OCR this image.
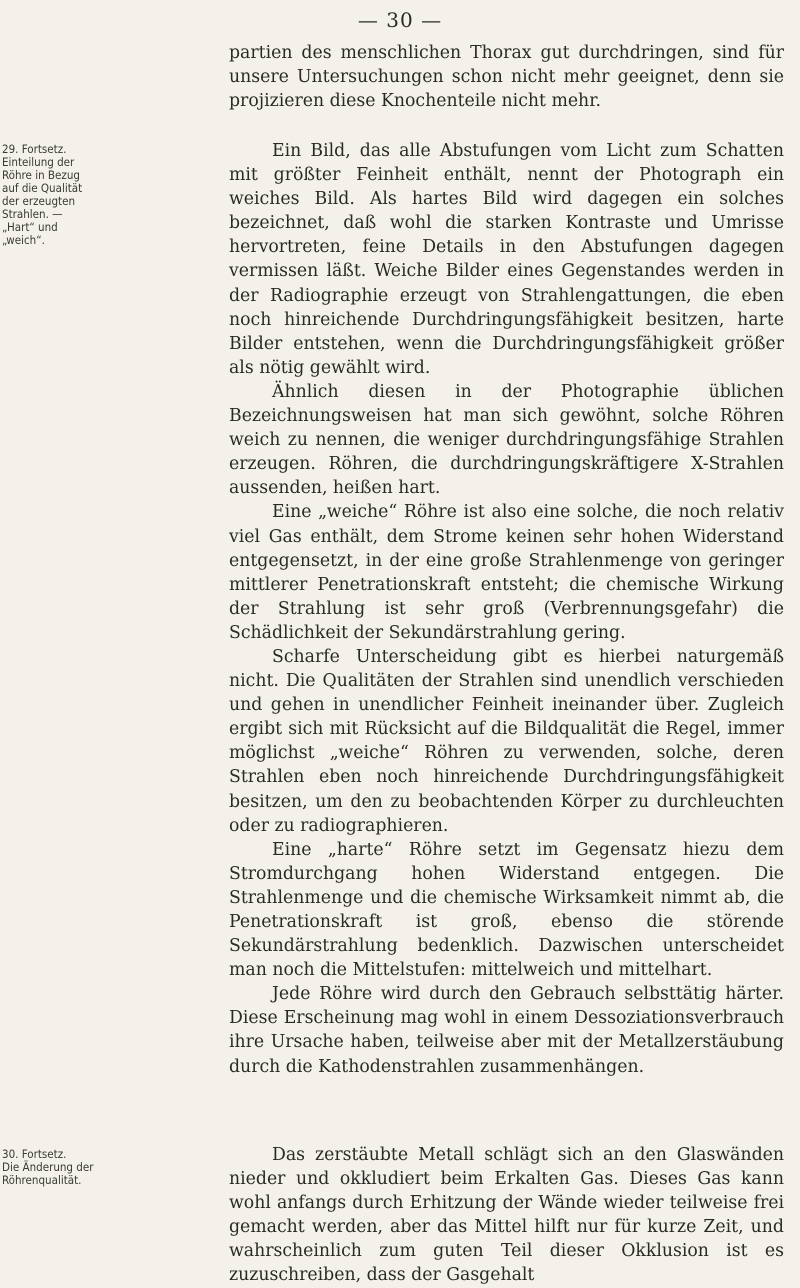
— 30 —

partien des menschlichen Thorax gut durchdringen, sind für unsere Untersuchungen schon nicht mehr geeignet, denn sie projizieren diese Knochenteile nicht mehr.

29. Fortsetz.
Einteilung der Röhre in Bezug auf die Qualität der erzeugten Strahlen. — „Hart“ und „weich“.

Ein Bild, das alle Abstufungen vom Licht zum Schatten mit größter Feinheit enthält, nennt der Photograph ein weiches Bild. Als hartes Bild wird dagegen ein solches bezeichnet, daß wohl die starken Kontraste und Umrisse hervortreten, feine Details in den Abstufungen dagegen vermissen läßt. Weiche Bilder eines Gegenstandes werden in der Radiographie erzeugt von Strahlengattungen, die eben noch hinreichende Durchdringungsfähigkeit besitzen, harte Bilder entstehen, wenn die Durchdringungsfähigkeit größer als nötig gewählt wird.

Ähnlich diesen in der Photographie üblichen Bezeichnungsweisen hat man sich gewöhnt, solche Röhren weich zu nennen, die weniger durchdringungsfähige Strahlen erzeugen. Röhren, die durchdringungskräftigere X-Strahlen aussenden, heißen hart.

Eine „weiche“ Röhre ist also eine solche, die noch relativ viel Gas enthält, dem Strome keinen sehr hohen Widerstand entgegensetzt, in der eine große Strahlenmenge von geringer mittlerer Penetrationskraft entsteht; die chemische Wirkung der Strahlung ist sehr groß (Verbrennungsgefahr) die Schädlichkeit der Sekundärstrahlung gering.

Scharfe Unterscheidung gibt es hierbei naturgemäß nicht. Die Qualitäten der Strahlen sind unendlich verschieden und gehen in unendlicher Feinheit ineinander über. Zugleich ergibt sich mit Rücksicht auf die Bildqualität die Regel, immer möglichst „weiche“ Röhren zu verwenden, solche, deren Strahlen eben noch hinreichende Durchdringungsfähigkeit besitzen, um den zu beobachtenden Körper zu durchleuchten oder zu radiographieren.

Eine „harte“ Röhre setzt im Gegensatz hiezu dem Stromdurchgang hohen Widerstand entgegen. Die Strahlenmenge und die chemische Wirksamkeit nimmt ab, die Penetrationskraft ist groß, ebenso die störende Sekundärstrahlung bedenklich. Dazwischen unterscheidet man noch die Mittelstufen: mittelweich und mittelhart.

Jede Röhre wird durch den Gebrauch selbsttätig härter. Diese Erscheinung mag wohl in einem Dessoziationsverbrauch ihre Ursache haben, teilweise aber mit der Metallzerstäubung durch die Kathodenstrahlen zusammenhängen.

30. Fortsetz.
Die Änderung der Röhrenqualität.

Das zerstäubte Metall schlägt sich an den Glaswänden nieder und okkludiert beim Erkalten Gas. Dieses Gas kann wohl anfangs durch Erhitzung der Wände wieder teilweise frei gemacht werden, aber das Mittel hilft nur für kurze Zeit, und wahrscheinlich zum guten Teil dieser Okklusion ist es zuzuschreiben, dass der Gasgehalt
